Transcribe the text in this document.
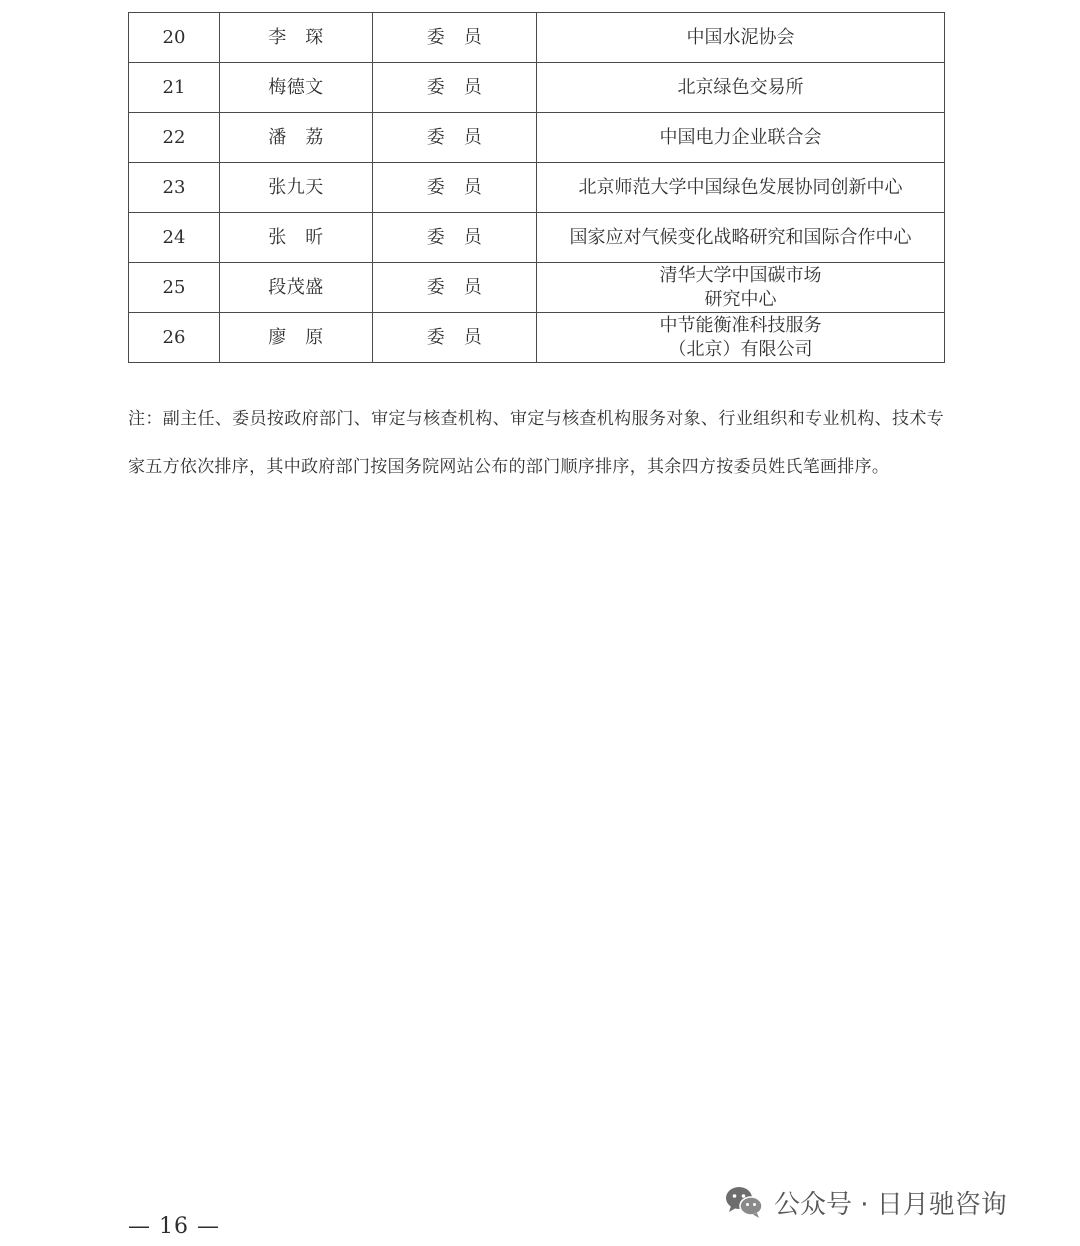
20	李　琛	委　员	中国水泥协会

21	梅德文	委　员	北京绿色交易所

22	潘　荔	委　员	中国电力企业联合会

23	张九天	委　员	北京师范大学中国绿色发展协同创新中心

24	张　昕	委　员	国家应对气候变化战略研究和国际合作中心

25	段茂盛	委　员	清华大学中国碳市场
研究中心

26	廖　原	委　员	中节能衡准科技服务
（北京）有限公司

注：副主任、委员按政府部门、审定与核查机构、审定与核查机构服务对象、行业组织和专业机构、技术专家五方依次排序，其中政府部门按国务院网站公布的部门顺序排序，其余四方按委员姓氏笔画排序。

公众号 · 日月驰咨询
— 16 —
